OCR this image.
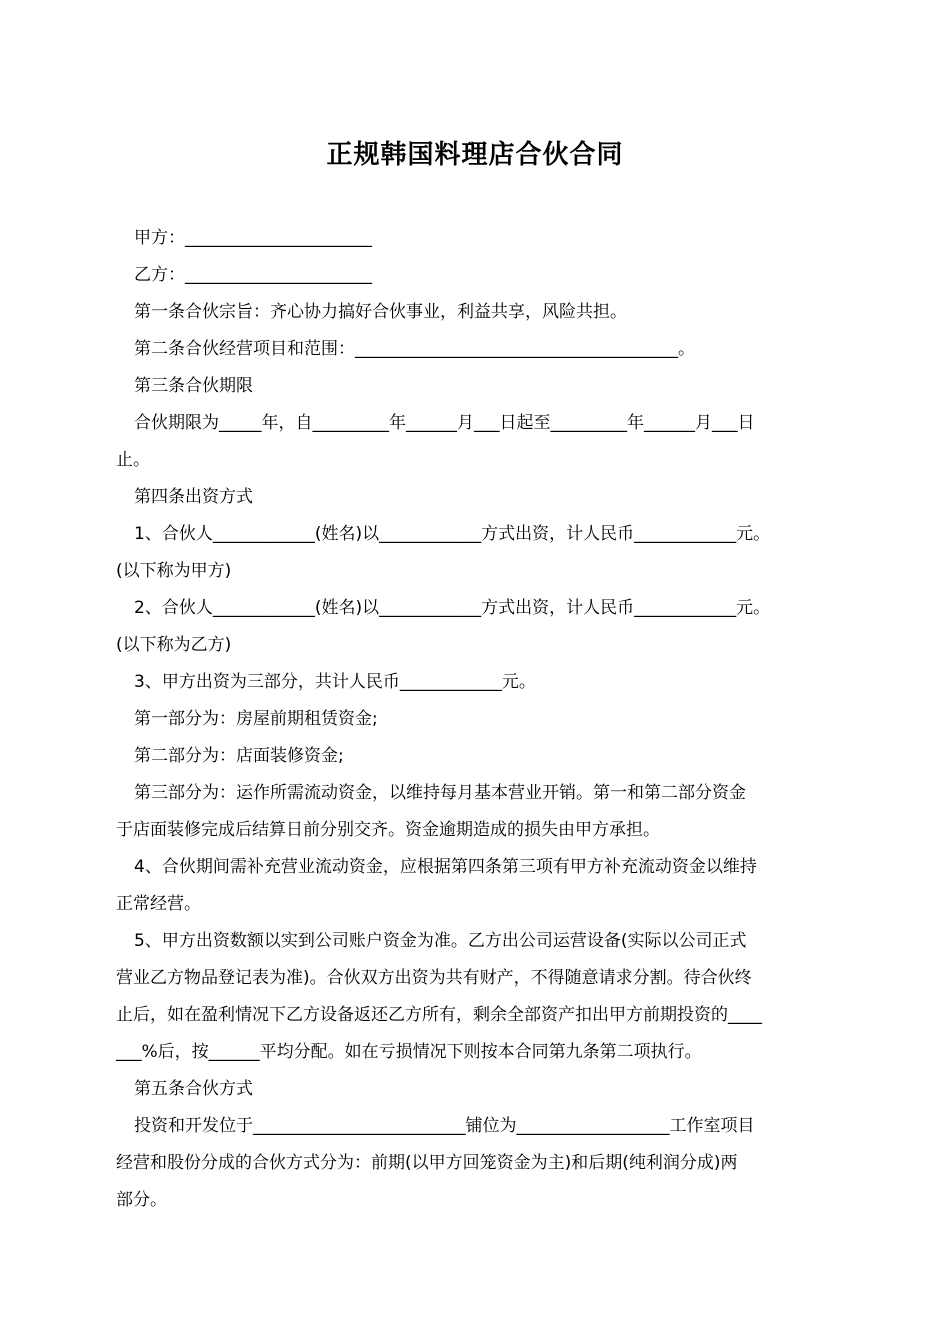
正规韩国料理店合伙合同

甲方：______________________

乙方：______________________

第一条合伙宗旨：齐心协力搞好合伙事业，利益共享，风险共担。

第二条合伙经营项目和范围：______________________________________。

第三条合伙期限

合伙期限为_____年，自_________年______月___日起至_________年______月___日

止。

第四条出资方式

1、合伙人____________(姓名)以____________方式出资，计人民币____________元。

(以下称为甲方)

2、合伙人____________(姓名)以____________方式出资，计人民币____________元。

(以下称为乙方)

3、甲方出资为三部分，共计人民币____________元。

第一部分为：房屋前期租赁资金;

第二部分为：店面装修资金;

第三部分为：运作所需流动资金，以维持每月基本营业开销。第一和第二部分资金

于店面装修完成后结算日前分别交齐。资金逾期造成的损失由甲方承担。

4、合伙期间需补充营业流动资金，应根据第四条第三项有甲方补充流动资金以维持

正常经营。

5、甲方出资数额以实到公司账户资金为准。乙方出公司运营设备(实际以公司正式

营业乙方物品登记表为准)。合伙双方出资为共有财产，不得随意请求分割。待合伙终

止后，如在盈利情况下乙方设备返还乙方所有，剩余全部资产扣出甲方前期投资的____

___%后，按______平均分配。如在亏损情况下则按本合同第九条第二项执行。

第五条合伙方式

投资和开发位于_________________________铺位为__________________工作室项目

经营和股份分成的合伙方式分为：前期(以甲方回笼资金为主)和后期(纯利润分成)两

部分。
